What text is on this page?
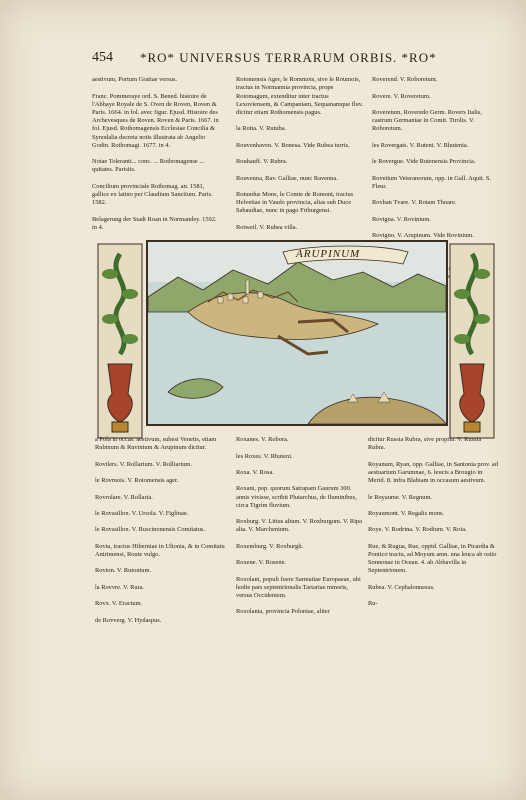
454 *RO* UNIVERSUS TERRARUM ORBIS. *RO*

aestivum, Portum Gratiae versus.

Franc. Pommeraye ord. S. Bened. histoire de l'Abbaye Royale de S. Oven de Roven, Roven & Paris. 1664. in fol. avec figur. Ejusd. Histoire des Archevesques de Roven. Roven & Paris. 1667. in fol. Ejusd. Rothomagensis Ecclesiae Concilia & Synodalia decreta notis illustrata ab Angelio Godin. Rothomagi. 1677. in 4.

Notae Toleranti... conc. ... Rothomagense ... quitates. Parisiis.

Concilium provinciale Rothomag. an. 1581, gallice ex latino per Claudium Sanctium. Paris. 1582.

Belagerung der Stadt Roan in Normandey. 1592. in 4.

Rotomensis Ager, le Rommois, sive le Roumois, tractus in Normannia provincia, prope Rotomagum, extenditur inter tractus Lexoviensem, & Campaniam, Sequanamque fluv. dicitur etiam Rothomensis pagus.

la Rotta. V. Rutuba.

Rouvenhaven. V. Bonesa. Vide Rubea turris.

Rouhauff. V. Rubra.

Rouvenna, Rav. Galliae, nunc Ravenna.

Rotundus Mons, le Comte de Romont, tractus Helvetiae in Vaudo provincia, alias sub Duce Sabaudiae, nunc in pago Friburgensi.

Rotweil. V. Rubea villa.

Roverend. V. Roboretum.

Rovere. V. Roveretum.

Roveretum, Roveredo Germ. Rovers Italis, castrum Germaniae in Comit. Tirolis. V. Roboretum.

les Rovergats. V. Ruteni. V. Rhutenia.

le Rovergue. Vide Rutenensis Provincia.

Rovetium Veteranorum, opp. in Gall. Aquit. S. Fleur.

Rovhan Tvare. V. Rotam Thoare.

Rovigna. V. Rovinium.

Rovigno. V. Arupinum. Vide Rovinium.

ARUPINUM

a Pola in occas. aestivum, subest Venetis, etiam Rubinum & Ruvinium & Arupinum dicitur.

Rovilers. V. Rollarium. V. Rolliarium.

le Rovmois. V. Rotomensis ager.

Rovrolare. V. Rollaria.

le Rovssillon. V. Ursola. V. Figlinae.

le Rovssillon. V. Ruscinonensis Comitatus.

Rovta, tractus Hiberniae in Ultonia, & in Comitatu Antrimensi, Route vulgo.

Rovton. V. Rutonium.

la Rovvre. V. Rura.

Rovx. V. Eractum.

de Rovverg. V. Hydaspus.

Roxanes. V. Robora.

les Roxes. V. Rhuteni.

Roxa. V. Rosa.

Roxani, pop. quorum Satrapam Gaurum 300. annis vixisse, scribit Plutarchus, de fluminibus, circa Tigrim fluvium.

Roxburg. V. Littus altum. V. Roxburgum. V. Ripa alta. V. Marchenium.

Roxemburg. V. Roxburgh.

Roxene. V. Rosene.

Roxolani, populi fuere Sarmatiae Europaeae, ubi hodie pars septentrionalis Tartariae minoris, versus Occidentem.

Roxolania, provincia Poloniae, aliter

dicitur Russia Rubra, sive propria. V. Russia Rubra.

Royanum, Ryan, opp. Galliae, in Santonia prov. ad aestuarium Garumnae, 6. leucis a Brougio in Merid. 8. infra Blabiam in occasum aestivum.

le Royaume. V. Regnum.

Royaumont. V. Regalis mons.

Roye. V. Rodrina. V. Rodium. V. Roia.

Rue, & Rugua, Rue, oppid. Galliae, in Picardia & Pontico tractu, ad Moyum amn. una leuca ab ostio Sonnonae in Ocean. 4. ab Abbavilla in Septentrionem.

Rubea. V. Cephalonnesus.

Ru-
